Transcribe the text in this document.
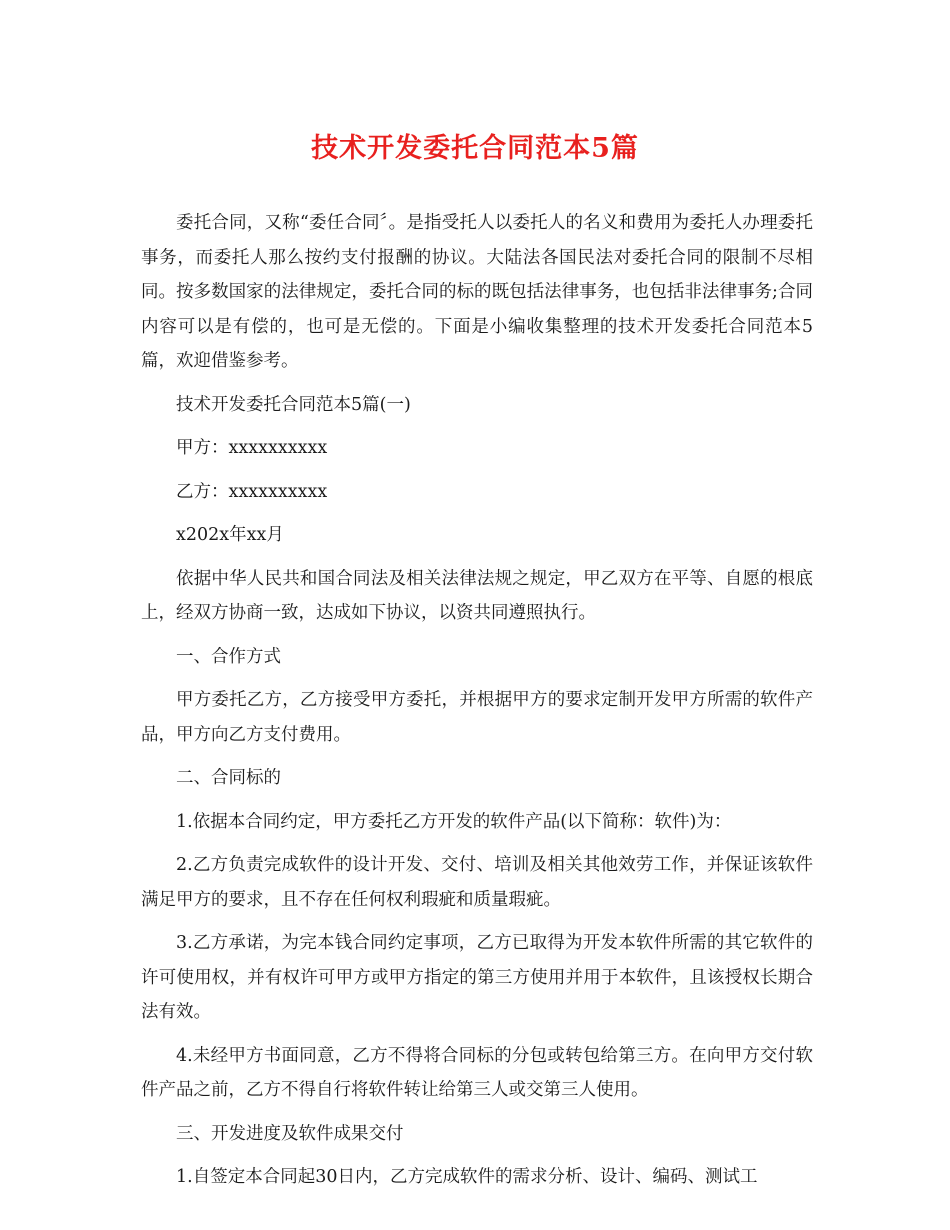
技术开发委托合同范本5篇

委托合同，又称“委任合同〞。是指受托人以委托人的名义和费用为委托人办理委托事务，而委托人那么按约支付报酬的协议。大陆法各国民法对委托合同的限制不尽相同。按多数国家的法律规定，委托合同的标的既包括法律事务，也包括非法律事务;合同内容可以是有偿的，也可是无偿的。下面是小编收集整理的技术开发委托合同范本5篇，欢迎借鉴参考。

技术开发委托合同范本5篇(一)

甲方：xxxxxxxxxx

乙方：xxxxxxxxxx

x202x年xx月

依据中华人民共和国合同法及相关法律法规之规定，甲乙双方在平等、自愿的根底上，经双方协商一致，达成如下协议，以资共同遵照执行。

一、合作方式

甲方委托乙方，乙方接受甲方委托，并根据甲方的要求定制开发甲方所需的软件产品，甲方向乙方支付费用。

二、合同标的

1.依据本合同约定，甲方委托乙方开发的软件产品(以下简称：软件)为：

2.乙方负责完成软件的设计开发、交付、培训及相关其他效劳工作，并保证该软件满足甲方的要求，且不存在任何权利瑕疵和质量瑕疵。

3.乙方承诺，为完本钱合同约定事项，乙方已取得为开发本软件所需的其它软件的许可使用权，并有权许可甲方或甲方指定的第三方使用并用于本软件，且该授权长期合法有效。

4.未经甲方书面同意，乙方不得将合同标的分包或转包给第三方。在向甲方交付软件产品之前，乙方不得自行将软件转让给第三人或交第三人使用。

三、开发进度及软件成果交付

1.自签定本合同起30日内，乙方完成软件的需求分析、设计、编码、测试工
